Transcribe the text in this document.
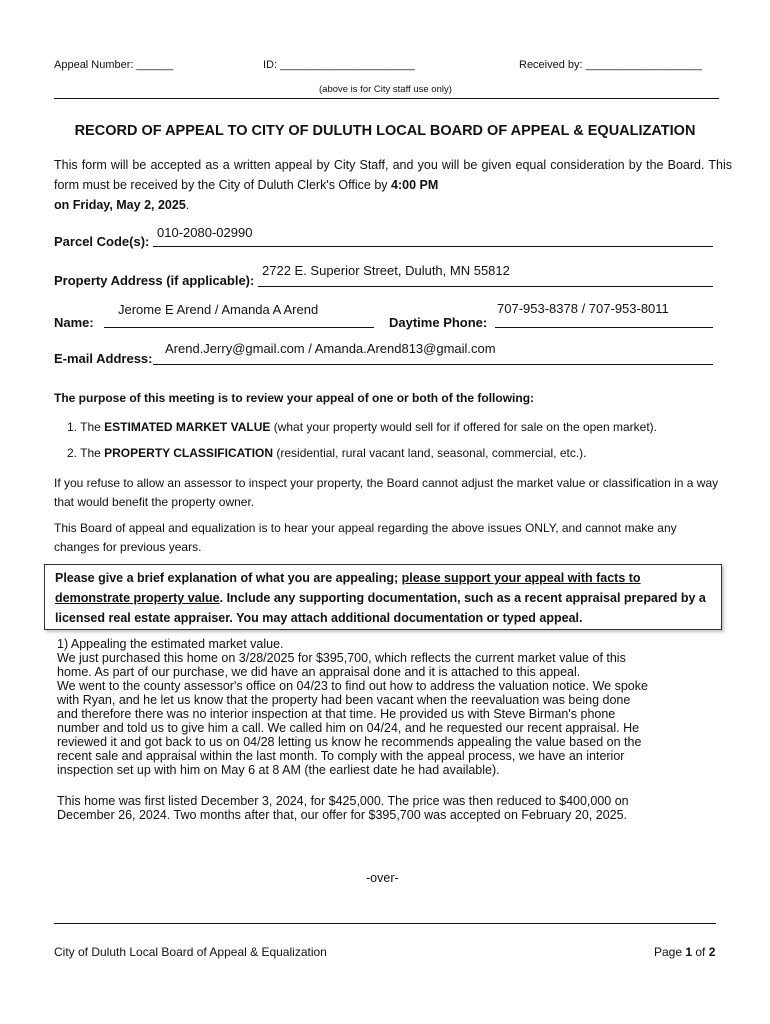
Appeal Number: ______	ID: ______________________	Received by: ___________________
(above is for City staff use only)
RECORD OF APPEAL TO CITY OF DULUTH LOCAL BOARD OF APPEAL & EQUALIZATION
This form will be accepted as a written appeal by City Staff, and you will be given equal consideration by the Board. This form must be received by the City of Duluth Clerk's Office by 4:00 PM
on Friday, May 2, 2025.
Parcel Code(s):
010-2080-02990
Property Address (if applicable):
2722 E. Superior Street, Duluth, MN 55812
Name:
Jerome E Arend / Amanda A Arend
Daytime Phone:
707-953-8378 / 707-953-8011
E-mail Address:
Arend.Jerry@gmail.com / Amanda.Arend813@gmail.com
The purpose of this meeting is to review your appeal of one or both of the following:
1. The ESTIMATED MARKET VALUE (what your property would sell for if offered for sale on the open market).
2. The PROPERTY CLASSIFICATION (residential, rural vacant land, seasonal, commercial, etc.).
If you refuse to allow an assessor to inspect your property, the Board cannot adjust the market value or classification in a way that would benefit the property owner.
This Board of appeal and equalization is to hear your appeal regarding the above issues ONLY, and cannot make any changes for previous years.

Please give a brief explanation of what you are appealing; please support your appeal with facts to demonstrate property value. Include any supporting documentation, such as a recent appraisal prepared by a licensed real estate appraiser. You may attach additional documentation or typed appeal.

1) Appealing the estimated market value.
We just purchased this home on 3/28/2025 for $395,700, which reflects the current market value of this
home. As part of our purchase, we did have an appraisal done and it is attached to this appeal.
We went to the county assessor's office on 04/23 to find out how to address the valuation notice. We spoke
with Ryan, and he let us know that the property had been vacant when the reevaluation was being done
and therefore there was no interior inspection at that time. He provided us with Steve Birman's phone
number and told us to give him a call. We called him on 04/24, and he requested our recent appraisal. He
reviewed it and got back to us on 04/28 letting us know he recommends appealing the value based on the
recent sale and appraisal within the last month. To comply with the appeal process, we have an interior
inspection set up with him on May 6 at 8 AM (the earliest date he had available).
This home was first listed December 3, 2024, for $425,000. The price was then reduced to $400,000 on
December 26, 2024. Two months after that, our offer for $395,700 was accepted on February 20, 2025.
-over-
City of Duluth Local Board of Appeal & Equalization	Page 1 of 2
